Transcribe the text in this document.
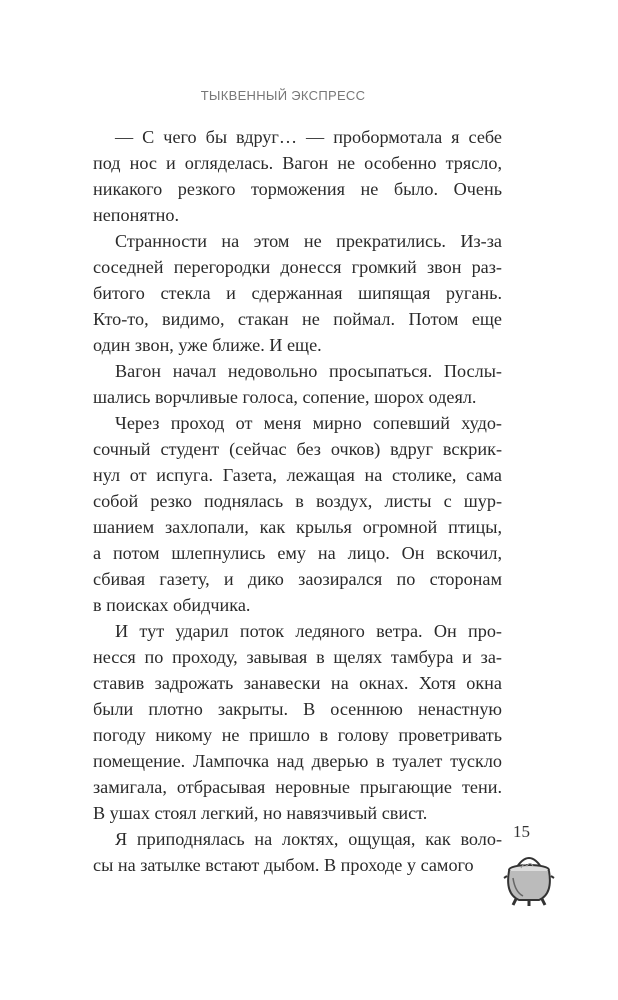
ТЫКВЕННЫЙ ЭКСПРЕСС
— С чего бы вдруг… — пробормотала я себе
под нос и огляделась. Вагон не особенно трясло,
никакого резкого торможения не было. Очень
непонятно.
Странности на этом не прекратились. Из-за
соседней перегородки донесся громкий звон раз-
битого стекла и сдержанная шипящая ругань.
Кто-то, видимо, стакан не поймал. Потом еще
один звон, уже ближе. И еще.
Вагон начал недовольно просыпаться. Послы-
шались ворчливые голоса, сопение, шорох одеял.
Через проход от меня мирно сопевший худо-
сочный студент (сейчас без очков) вдруг вскрик-
нул от испуга. Газета, лежащая на столике, сама
собой резко поднялась в воздух, листы с шур-
шанием захлопали, как крылья огромной птицы,
а потом шлепнулись ему на лицо. Он вскочил,
сбивая газету, и дико заозирался по сторонам
в поисках обидчика.
И тут ударил поток ледяного ветра. Он про-
несся по проходу, завывая в щелях тамбура и за-
ставив задрожать занавески на окнах. Хотя окна
были плотно закрыты. В осеннюю ненастную
погоду никому не пришло в голову проветривать
помещение. Лампочка над дверью в туалет тускло
замигала, отбрасывая неровные прыгающие тени.
В ушах стоял легкий, но навязчивый свист.
Я приподнялась на локтях, ощущая, как воло-
сы на затылке встают дыбом. В проходе у самого
15
